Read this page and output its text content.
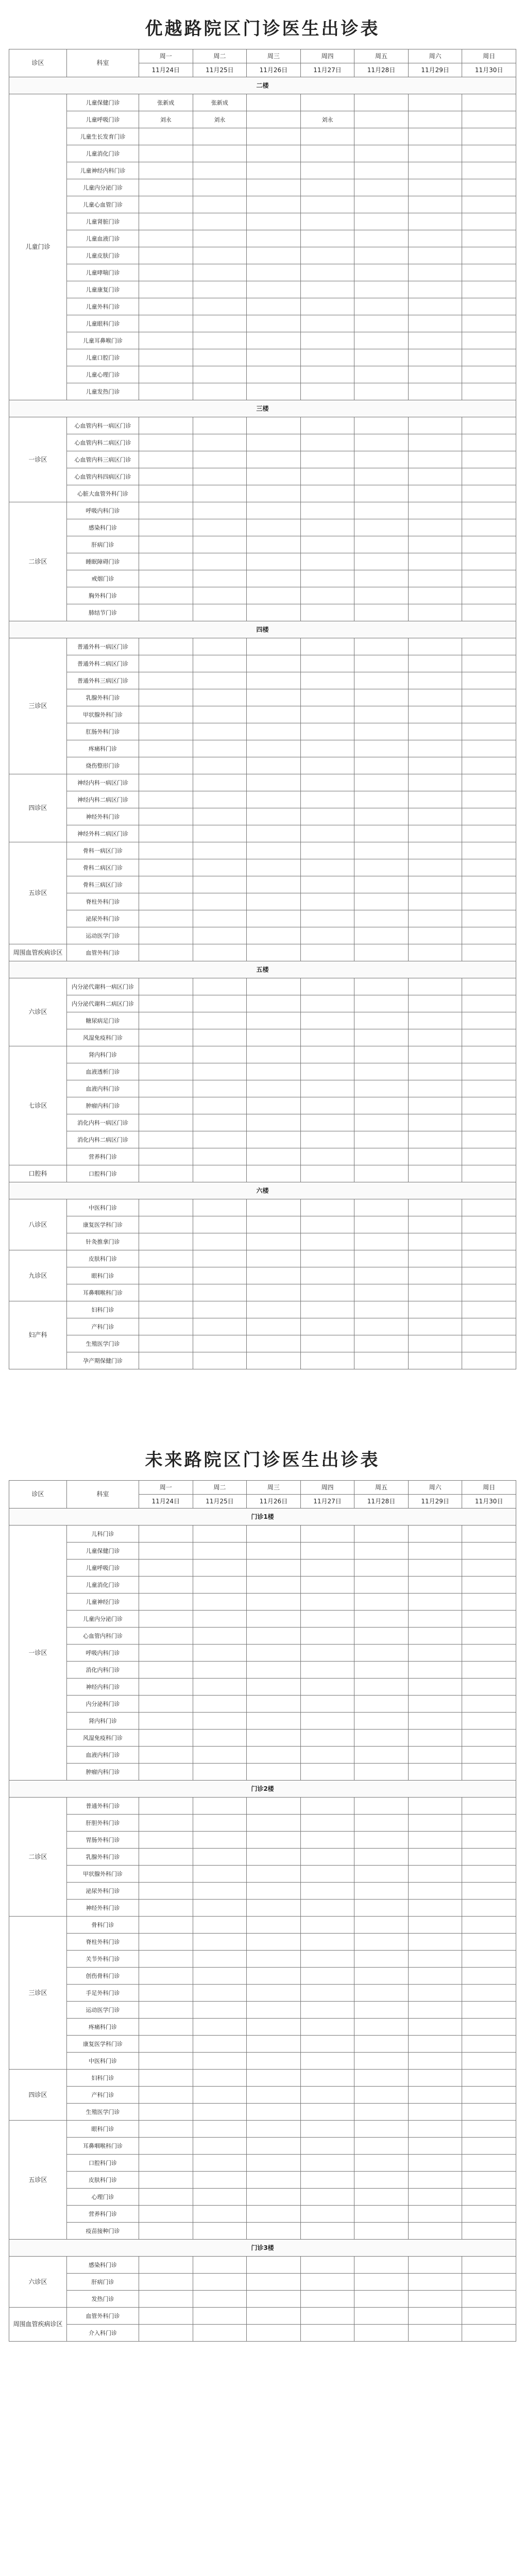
优越路院区门诊医生出诊表
诊区	科室	周一	周二	周三	周四	周五	周六	周日
		11月24日	11月25日	11月26日	11月27日	11月28日	11月29日	11月30日
二楼								
儿童门诊	儿童保健门诊	张新成	张新成					
	儿童呼吸门诊	刘永	刘永		刘永			
	儿童生长发育门诊							
	儿童消化门诊							
	儿童神经内科门诊							
	儿童内分泌门诊							
	儿童心血管门诊							
	儿童肾脏门诊							
	儿童血液门诊							
	儿童皮肤门诊							
	儿童哮喘门诊							
	儿童康复门诊							
	儿童外科门诊							
	儿童眼科门诊							
	儿童耳鼻喉门诊							
	儿童口腔门诊							
	儿童心理门诊							
	儿童发热门诊							
三楼								
一诊区	心血管内科一病区门诊							
	心血管内科二病区门诊							
	心血管内科三病区门诊							
	心血管内科四病区门诊							
	心脏大血管外科门诊							
二诊区	呼吸内科门诊							
	感染科门诊							
	肝病门诊							
	睡眠障碍门诊							
	戒烟门诊							
	胸外科门诊							
	肺结节门诊							
四楼								
三诊区	普通外科一病区门诊							
	普通外科二病区门诊							
	普通外科三病区门诊							
	乳腺外科门诊							
	甲状腺外科门诊							
	肛肠外科门诊							
	疼痛科门诊							
	烧伤整形门诊							
四诊区	神经内科一病区门诊							
	神经内科二病区门诊							
	神经外科门诊							
	神经外科二病区门诊							
五诊区	骨科一病区门诊							
	骨科二病区门诊							
	骨科三病区门诊							
	脊柱外科门诊							
	泌尿外科门诊							
	运动医学门诊							
周围血管疾病诊区	血管外科门诊							
五楼								
六诊区	内分泌代谢科一病区门诊							
	内分泌代谢科二病区门诊							
	糖尿病足门诊							
	风湿免疫科门诊							
七诊区	肾内科门诊							
	血液透析门诊							
	血液内科门诊							
	肿瘤内科门诊							
	消化内科一病区门诊							
	消化内科二病区门诊							
	营养科门诊							
口腔科	口腔科门诊							
六楼								
八诊区	中医科门诊							
	康复医学科门诊							
	针灸推拿门诊							
九诊区	皮肤科门诊							
	眼科门诊							
	耳鼻咽喉科门诊							
妇产科	妇科门诊							
	产科门诊							
	生殖医学门诊							
	孕产期保健门诊							
未来路院区门诊医生出诊表
诊区	科室	周一	周二	周三	周四	周五	周六	周日
		11月24日	11月25日	11月26日	11月27日	11月28日	11月29日	11月30日
门诊1楼								
一诊区	儿科门诊							
	儿童保健门诊							
	儿童呼吸门诊							
	儿童消化门诊							
	儿童神经门诊							
	儿童内分泌门诊							
	心血管内科门诊							
	呼吸内科门诊							
	消化内科门诊							
	神经内科门诊							
	内分泌科门诊							
	肾内科门诊							
	风湿免疫科门诊							
	血液内科门诊							
	肿瘤内科门诊							
门诊2楼								
二诊区	普通外科门诊							
	肝胆外科门诊							
	胃肠外科门诊							
	乳腺外科门诊							
	甲状腺外科门诊							
	泌尿外科门诊							
	神经外科门诊							
三诊区	骨科门诊							
	脊柱外科门诊							
	关节外科门诊							
	创伤骨科门诊							
	手足外科门诊							
	运动医学门诊							
	疼痛科门诊							
	康复医学科门诊							
	中医科门诊							
四诊区	妇科门诊							
	产科门诊							
	生殖医学门诊							
五诊区	眼科门诊							
	耳鼻咽喉科门诊							
	口腔科门诊							
	皮肤科门诊							
	心理门诊							
	营养科门诊							
	疫苗接种门诊							
门诊3楼								
六诊区	感染科门诊							
	肝病门诊							
	发热门诊							
周围血管疾病诊区	血管外科门诊							
	介入科门诊							
